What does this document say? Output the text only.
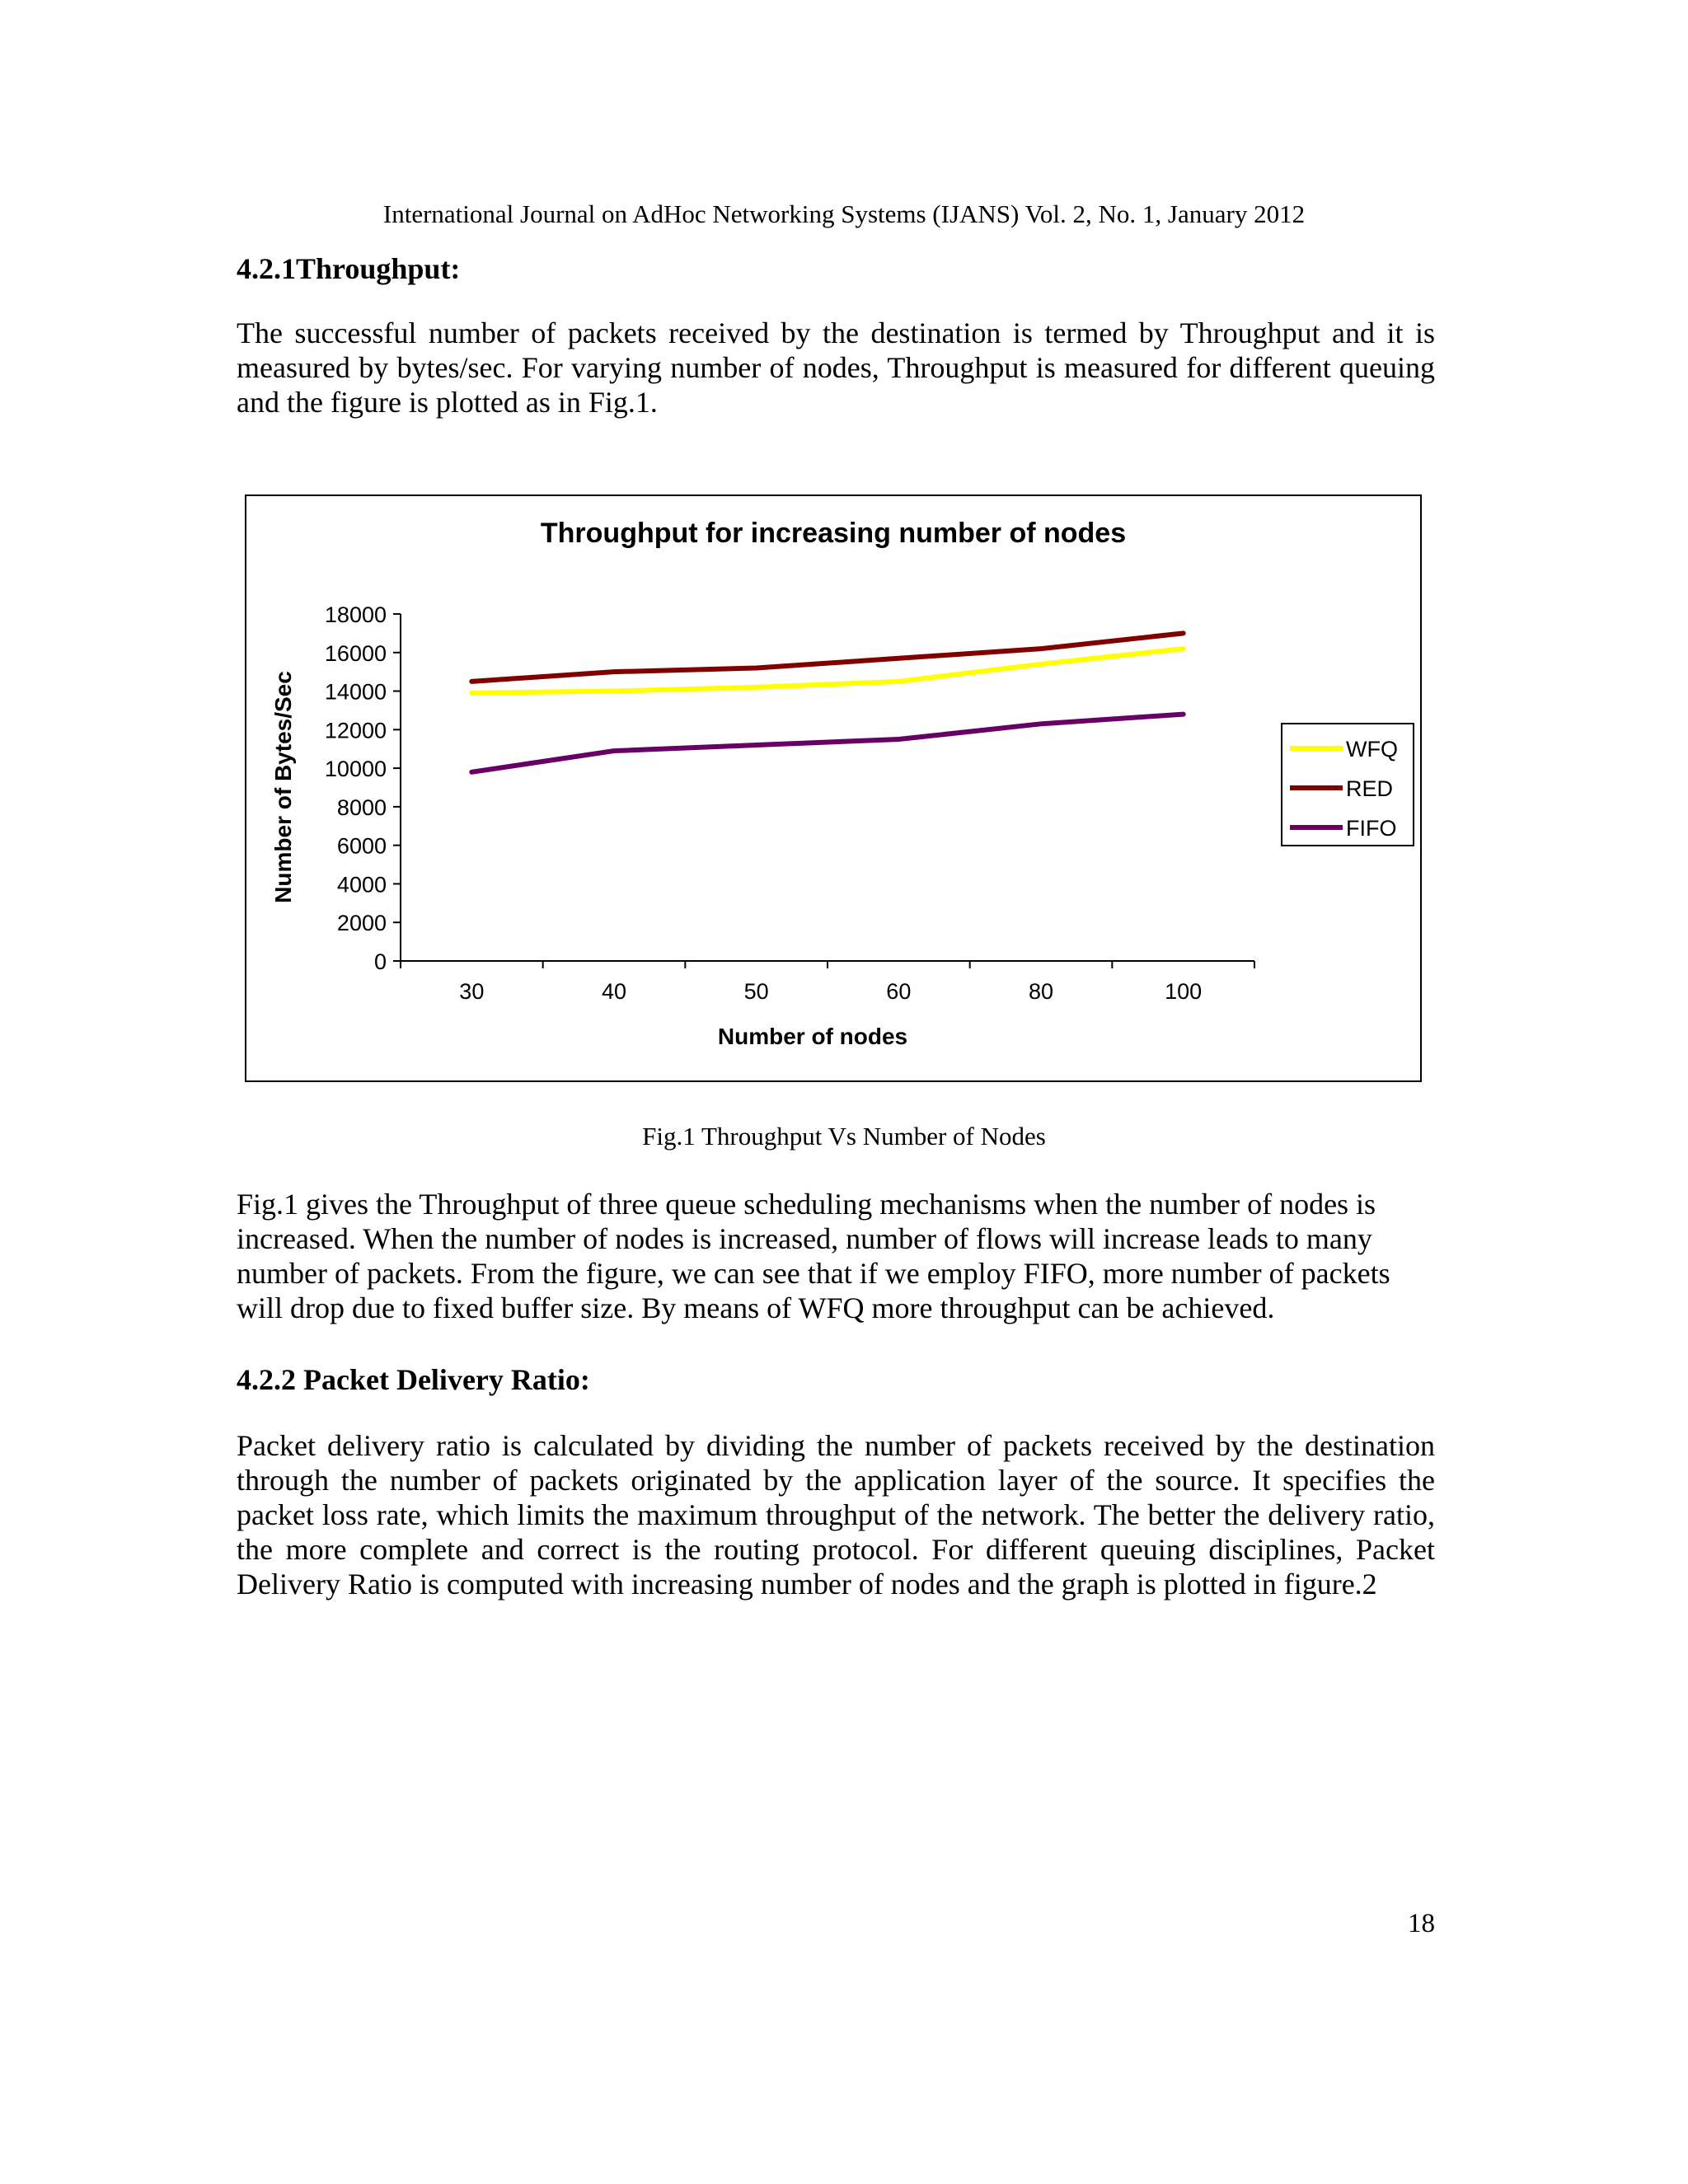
International Journal on AdHoc Networking Systems (IJANS) Vol. 2, No. 1, January 2012
4.2.1Throughput:
The successful number of packets received by the destination is termed by Throughput and it is measured by bytes/sec. For varying number of nodes, Throughput is measured for different queuing and the figure is plotted as in Fig.1.
Throughput for increasing number of nodes
0
2000
4000
6000
8000
10000
12000
14000
16000
18000
30	40	50	60	80	100
Number of nodes
Number of Bytes/Sec	WFQ
RED
FIFO
Fig.1 Throughput Vs Number of Nodes
Fig.1 gives the Throughput of three queue scheduling mechanisms when the number of nodes is increased. When the number of nodes is increased, number of flows will increase leads to many number of packets. From the figure, we can see that if we employ FIFO, more number of packets will drop due to fixed buffer size. By means of WFQ more throughput can be achieved.
4.2.2 Packet Delivery Ratio:
Packet delivery ratio is calculated by dividing the number of packets received by the destination through the number of packets originated by the application layer of the source. It specifies the packet loss rate, which limits the maximum throughput of the network. The better the delivery ratio, the more complete and correct is the routing protocol. For different queuing disciplines, Packet Delivery Ratio is computed with increasing number of nodes and the graph is plotted in figure.2
18
